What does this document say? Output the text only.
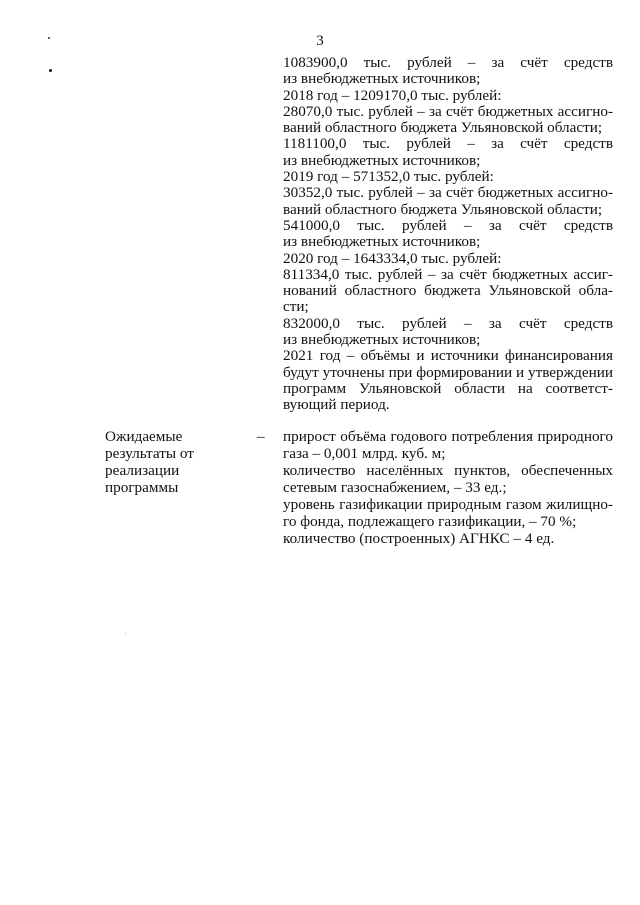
3
1083900,0 тыс. рублей – за счёт средств
из внебюджетных источников;
2018 год – 1209170,0 тыс. рублей:
28070,0 тыс. рублей – за счёт бюджетных ассигно-
ваний областного бюджета Ульяновской области;
1181100,0 тыс. рублей – за счёт средств
из внебюджетных источников;
2019 год – 571352,0 тыс. рублей:
30352,0 тыс. рублей – за счёт бюджетных ассигно-
ваний областного бюджета Ульяновской области;
541000,0 тыс. рублей – за счёт средств
из внебюджетных источников;
2020 год – 1643334,0 тыс. рублей:
811334,0 тыс. рублей – за счёт бюджетных ассиг-
нований областного бюджета Ульяновской обла-
сти;
832000,0 тыс. рублей – за счёт средств
из внебюджетных источников;
2021 год – объёмы и источники финансирования
будут уточнены при формировании и утверждении
программ Ульяновской области на соответст-
вующий период.
Ожидаемые
результаты от
реализации
программы
– прирост объёма годового потребления природного
газа – 0,001 млрд. куб. м;
количество населённых пунктов, обеспеченных
сетевым газоснабжением, – 33 ед.;
уровень газификации природным газом жилищно-
го фонда, подлежащего газификации, – 70 %;
количество (построенных) АГНКС – 4 ед.
